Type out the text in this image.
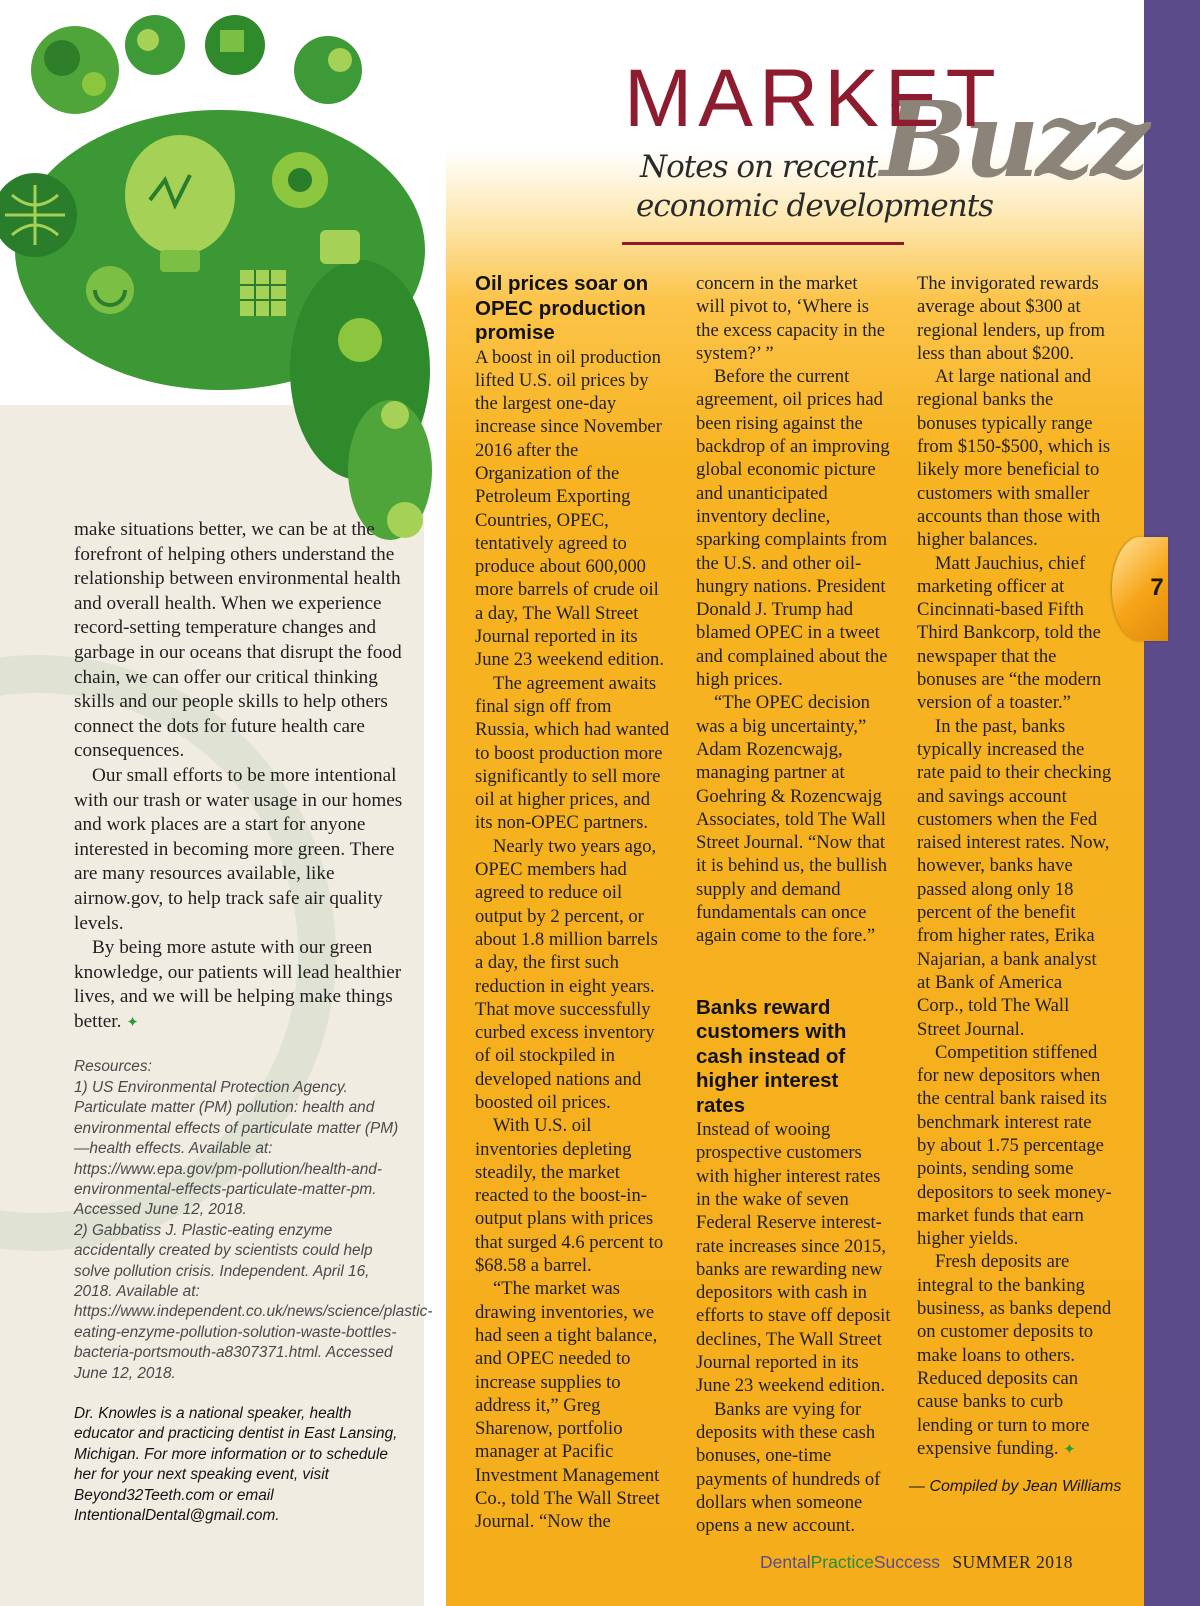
7
Buzz
MARKET
Notes on recent
economic developments

make situations better, we can be at the forefront of helping others understand the relationship between environmental health and overall health. When we experience record-setting temperature changes and garbage in our oceans that disrupt the food chain, we can offer our critical thinking skills and our people skills to help others connect the dots for future health care consequences.

Our small efforts to be more intentional with our trash or water usage in our homes and work places are a start for anyone interested in becoming more green. There are many resources available, like airnow.gov, to help track safe air quality levels.

By being more astute with our green knowledge, our patients will lead healthier lives, and we will be helping make things better. ✦

Resources:
1) US Environmental Protection Agency. Particulate matter (PM) pollution: health and environmental effects of particulate matter (PM)—health effects. Available at: https://www.epa.gov/pm-pollution/health-and-environmental-effects-particulate-matter-pm. Accessed June 12, 2018.
2) Gabbatiss J. Plastic-eating enzyme accidentally created by scientists could help solve pollution crisis. Independent. April 16, 2018. Available at: https://www.independent.co.uk/news/science/plastic-eating-enzyme-pollution-solution-waste-bottles-bacteria-portsmouth-a8307371.html. Accessed June 12, 2018.
Dr. Knowles is a national speaker, health educator and practicing dentist in East Lansing, Michigan. For more information or to schedule her for your next speaking event, visit Beyond32Teeth.com or email IntentionalDental@gmail.com.
Oil prices soar on OPEC production promise

A boost in oil production lifted U.S. oil prices by the largest one-day increase since November 2016 after the Organization of the Petroleum Exporting Countries, OPEC, tentatively agreed to produce about 600,000 more barrels of crude oil a day, The Wall Street Journal reported in its June 23 weekend edition.

The agreement awaits final sign off from Russia, which had wanted to boost production more significantly to sell more oil at higher prices, and its non-OPEC partners.

Nearly two years ago, OPEC members had agreed to reduce oil output by 2 percent, or about 1.8 million barrels a day, the first such reduction in eight years. That move successfully curbed excess inventory of oil stockpiled in developed nations and boosted oil prices.

With U.S. oil inventories depleting steadily, the market reacted to the boost-in-output plans with prices that surged 4.6 percent to $68.58 a barrel.

“The market was drawing inventories, we had seen a tight balance, and OPEC needed to increase supplies to address it,” Greg Sharenow, portfolio manager at Pacific Investment Management Co., told The Wall Street Journal. “Now the

concern in the market will pivot to, ‘Where is the excess capacity in the system?’ ”

Before the current agreement, oil prices had been rising against the backdrop of an improving global economic picture and unanticipated inventory decline, sparking complaints from the U.S. and other oil-hungry nations. President Donald J. Trump had blamed OPEC in a tweet and complained about the high prices.

“The OPEC decision was a big uncertainty,” Adam Rozencwajg, managing partner at Goehring & Rozencwajg Associates, told The Wall Street Journal. “Now that it is behind us, the bullish supply and demand fundamentals can once again come to the fore.”

Banks reward customers with cash instead of higher interest rates

Instead of wooing prospective customers with higher interest rates in the wake of seven Federal Reserve interest-rate increases since 2015, banks are rewarding new depositors with cash in efforts to stave off deposit declines, The Wall Street Journal reported in its June 23 weekend edition.

Banks are vying for deposits with these cash bonuses, one-time payments of hundreds of dollars when someone opens a new account.

The invigorated rewards average about $300 at regional lenders, up from less than about $200.

At large national and regional banks the bonuses typically range from $150-$500, which is likely more beneficial to customers with smaller accounts than those with higher balances.

Matt Jauchius, chief marketing officer at Cincinnati-based Fifth Third Bankcorp, told the newspaper that the bonuses are “the modern version of a toaster.”

In the past, banks typically increased the rate paid to their checking and savings account customers when the Fed raised interest rates. Now, however, banks have passed along only 18 percent of the benefit from higher rates, Erika Najarian, a bank analyst at Bank of America Corp., told The Wall Street Journal.

Competition stiffened for new depositors when the central bank raised its benchmark interest rate by about 1.75 percentage points, sending some depositors to seek money-market funds that earn higher yields.

Fresh deposits are integral to the banking business, as banks depend on customer deposits to make loans to others. Reduced deposits can cause banks to curb lending or turn to more expensive funding. ✦

— Compiled by Jean Williams
DentalPracticeSuccess SUMMER 2018
